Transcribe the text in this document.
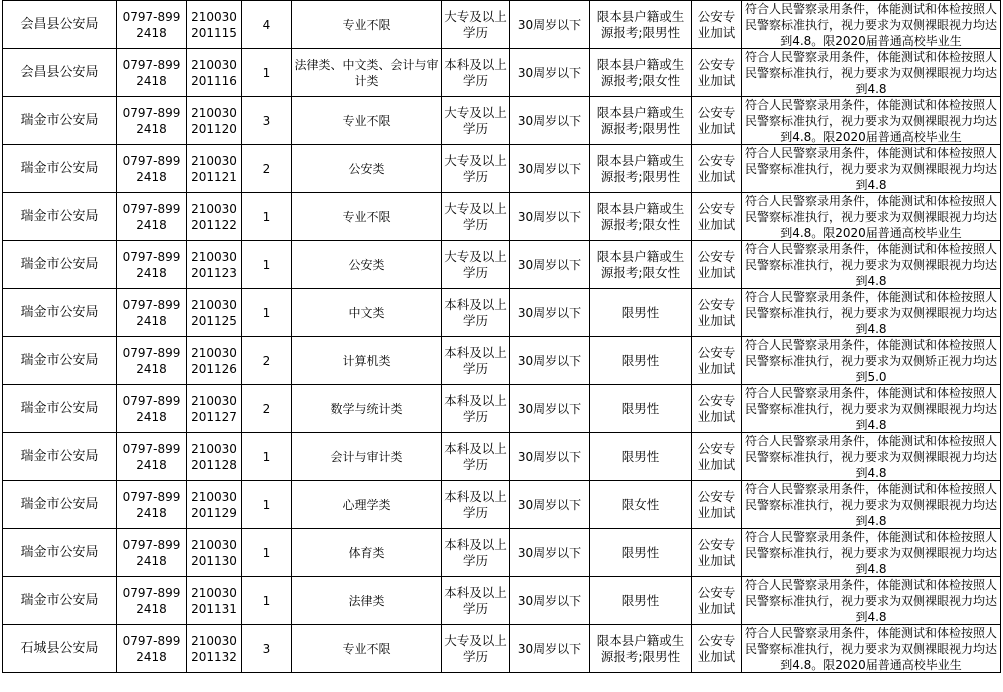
会昌县公安局	0797-8992418	210030201115	4	专业不限	大专及以上学历	30周岁以下	限本县户籍或生源报考;限男性	公安专业加试	符合人民警察录用条件，体能测试和体检按照人民警察标准执行，视力要求为双侧裸眼视力均达到4.8。限2020届普通高校毕业生

会昌县公安局	0797-8992418	210030201116	1	法律类、中文类、会计与审计类	本科及以上学历	30周岁以下	限本县户籍或生源报考;限女性	公安专业加试	符合人民警察录用条件，体能测试和体检按照人民警察标准执行，视力要求为双侧裸眼视力均达到4.8

瑞金市公安局	0797-8992418	210030201120	3	专业不限	大专及以上学历	30周岁以下	限本县户籍或生源报考;限男性	公安专业加试	符合人民警察录用条件，体能测试和体检按照人民警察标准执行，视力要求为双侧裸眼视力均达到4.8。限2020届普通高校毕业生

瑞金市公安局	0797-8992418	210030201121	2	公安类	大专及以上学历	30周岁以下	限本县户籍或生源报考;限男性	公安专业加试	符合人民警察录用条件，体能测试和体检按照人民警察标准执行，视力要求为双侧裸眼视力均达到4.8

瑞金市公安局	0797-8992418	210030201122	1	专业不限	大专及以上学历	30周岁以下	限本县户籍或生源报考;限女性	公安专业加试	符合人民警察录用条件，体能测试和体检按照人民警察标准执行，视力要求为双侧裸眼视力均达到4.8。限2020届普通高校毕业生

瑞金市公安局	0797-8992418	210030201123	1	公安类	大专及以上学历	30周岁以下	限本县户籍或生源报考;限女性	公安专业加试	符合人民警察录用条件，体能测试和体检按照人民警察标准执行，视力要求为双侧裸眼视力均达到4.8

瑞金市公安局	0797-8992418	210030201125	1	中文类	本科及以上学历	30周岁以下	限男性	公安专业加试	符合人民警察录用条件，体能测试和体检按照人民警察标准执行，视力要求为双侧裸眼视力均达到4.8

瑞金市公安局	0797-8992418	210030201126	2	计算机类	本科及以上学历	30周岁以下	限男性	公安专业加试	符合人民警察录用条件，体能测试和体检按照人民警察标准执行，视力要求为双侧矫正视力均达到5.0

瑞金市公安局	0797-8992418	210030201127	2	数学与统计类	本科及以上学历	30周岁以下	限男性	公安专业加试	符合人民警察录用条件，体能测试和体检按照人民警察标准执行，视力要求为双侧裸眼视力均达到4.8

瑞金市公安局	0797-8992418	210030201128	1	会计与审计类	本科及以上学历	30周岁以下	限男性	公安专业加试	符合人民警察录用条件，体能测试和体检按照人民警察标准执行，视力要求为双侧裸眼视力均达到4.8

瑞金市公安局	0797-8992418	210030201129	1	心理学类	本科及以上学历	30周岁以下	限女性	公安专业加试	符合人民警察录用条件，体能测试和体检按照人民警察标准执行，视力要求为双侧裸眼视力均达到4.8

瑞金市公安局	0797-8992418	210030201130	1	体育类	本科及以上学历	30周岁以下	限男性	公安专业加试	符合人民警察录用条件，体能测试和体检按照人民警察标准执行，视力要求为双侧裸眼视力均达到4.8

瑞金市公安局	0797-8992418	210030201131	1	法律类	本科及以上学历	30周岁以下	限男性	公安专业加试	符合人民警察录用条件，体能测试和体检按照人民警察标准执行，视力要求为双侧裸眼视力均达到4.8

石城县公安局	0797-8992418	210030201132	3	专业不限	大专及以上学历	30周岁以下	限本县户籍或生源报考;限男性	公安专业加试	符合人民警察录用条件，体能测试和体检按照人民警察标准执行，视力要求为双侧裸眼视力均达到4.8。限2020届普通高校毕业生
